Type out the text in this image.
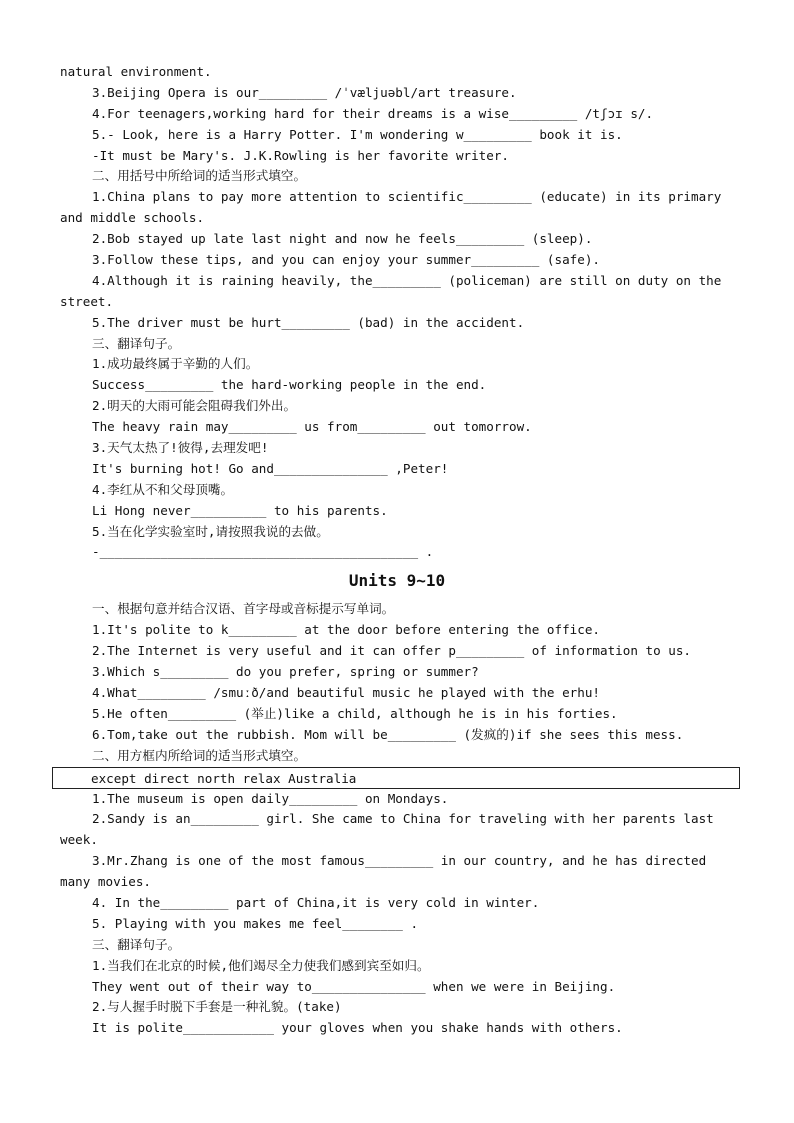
natural environment.
3.Beijing Opera is our_________ /ˈvæljuəbl/art treasure.
4.For teenagers,working hard for their dreams is a wise_________ /tʃɔɪ s/.
5.- Look, here is a Harry Potter. I'm wondering w_________ book it is.
-It must be Mary's. J.K.Rowling is her favorite writer.
二、用括号中所给词的适当形式填空。
1.China plans to pay more attention to scientific_________ (educate) in its primary
and middle schools.
2.Bob stayed up late last night and now he feels_________ (sleep).
3.Follow these tips, and you can enjoy your summer_________ (safe).
4.Although it is raining heavily, the_________ (policeman) are still on duty on the
street.
5.The driver must be hurt_________ (bad) in the accident.
三、翻译句子。
1.成功最终属于辛勤的人们。
Success_________ the hard-working people in the end.
2.明天的大雨可能会阻碍我们外出。
The heavy rain may_________ us from_________ out tomorrow.
3.天气太热了!彼得,去理发吧!
It's burning hot! Go and_______________ ,Peter!
4.李红从不和父母顶嘴。
Li Hong never__________ to his parents.
5.当在化学实验室时,请按照我说的去做。
-__________________________________________ .
Units 9~10
一、根据句意并结合汉语、首字母或音标提示写单词。
1.It's polite to k_________ at the door before entering the office.
2.The Internet is very useful and it can offer p_________ of information to us.
3.Which s_________ do you prefer, spring or summer?
4.What_________ /smuːð/and beautiful music he played with the erhu!
5.He often_________ (举止)like a child, although he is in his forties.
6.Tom,take out the rubbish. Mom will be_________ (发疯的)if she sees this mess.
二、用方框内所给词的适当形式填空。
except direct north relax Australia
1.The museum is open daily_________ on Mondays.
2.Sandy is an_________ girl. She came to China for traveling with her parents last
week.
3.Mr.Zhang is one of the most famous_________ in our country, and he has directed
many movies.
4. In the_________ part of China,it is very cold in winter.
5. Playing with you makes me feel________ .
三、翻译句子。
1.当我们在北京的时候,他们竭尽全力使我们感到宾至如归。
They went out of their way to_______________ when we were in Beijing.
2.与人握手时脱下手套是一种礼貌。(take)
It is polite____________ your gloves when you shake hands with others.
